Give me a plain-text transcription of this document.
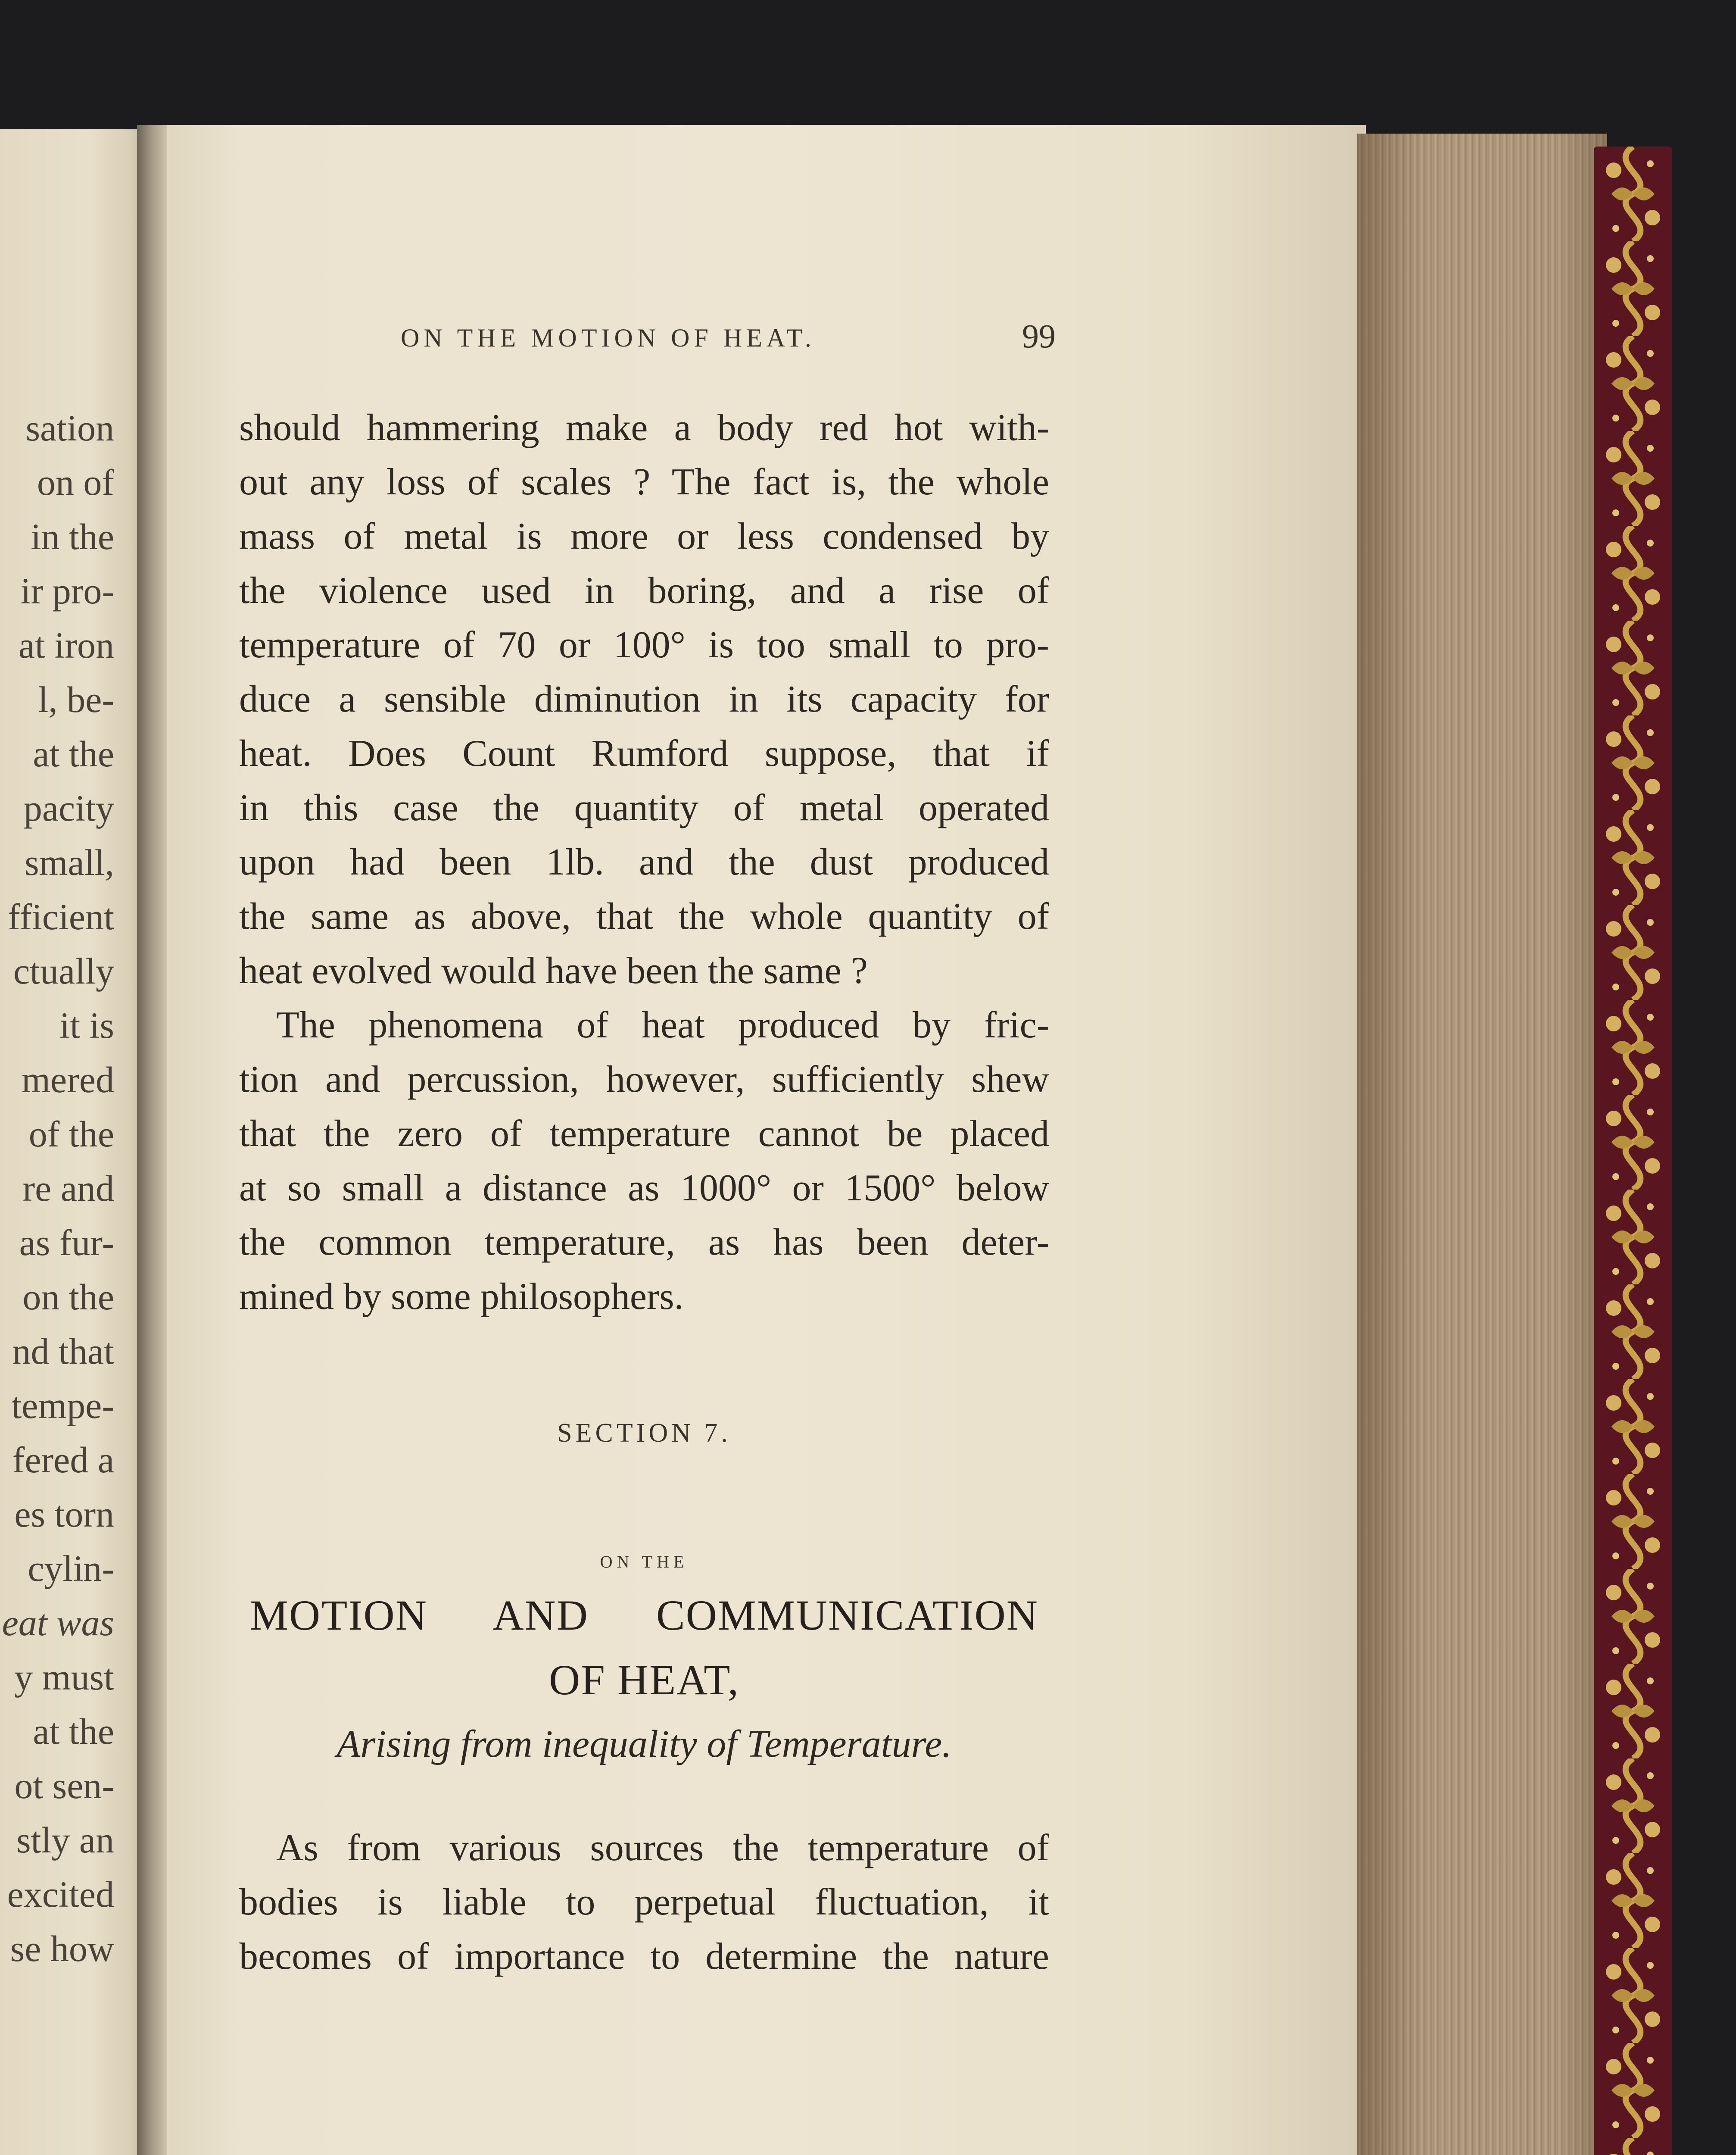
sation
on of
in the
ir pro-
at iron
l, be-
at the
pacity
small,
fficient
ctually
it is
mered
of the
re and
as fur-
on the
nd that
tempe-
fered a
es torn
cylin-
eat was
y must
at the
ot sen-
stly an
excited
se how
ON THE MOTION OF HEAT.	99

should hammering make a body red hot with-
out any loss of scales ? The fact is, the whole
mass of metal is more or less condensed by
the violence used in boring, and a rise of
temperature of 70 or 100° is too small to pro-
duce a sensible diminution in its capacity for
heat. Does Count Rumford suppose, that if
in this case the quantity of metal operated
upon had been 1lb. and the dust produced
the same as above, that the whole quantity of
heat evolved would have been the same ?

The phenomena of heat produced by fric-
tion and percussion, however, sufficiently shew
that the zero of temperature cannot be placed
at so small a distance as 1000° or 1500° below
the common temperature, as has been deter-
mined by some philosophers.

SECTION 7.
ON THE
MOTION AND COMMUNICATION
OF HEAT,
Arising from inequality of Temperature.
As from various sources the temperature of
bodies is liable to perpetual fluctuation, it
becomes of importance to determine the nature
